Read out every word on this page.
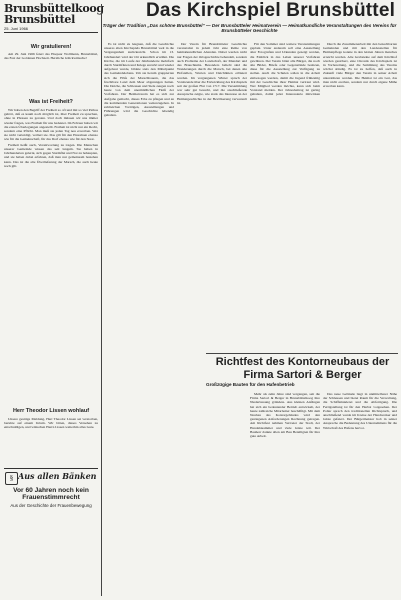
Brunsbüttelkoog
Brunsbüttel
25. Juni 1966
Wir gratulieren!

Am 29. Juni 1966 feiert das Ehepaar Wollmann, Brunsbüttel, das Fest der Goldenen Hochzeit. Herzliche Glückwünsche!

Was ist Freiheit?

Wir haben den Begriff der Freiheit so oft und mit so viel Pathos gehört, daß es kaum noch möglich ist, über Freiheit zu sprechen, ohne in Phrasen zu geraten. Und doch müssen wir uns immer wieder fragen, was Freiheit für uns bedeutet. Im Februar haben wir die ersten Überlegungen angestellt. Freiheit ist nicht nur ein Recht, sondern eine Pflicht. Man muß sie jeden Tag neu erwerben. Wer sie nicht verteidigt, verliert sie. Das gilt für den Einzelnen ebenso wie für die Gemeinschaft, für das Dorf ebenso wie für den Staat.

Freiheit heißt auch, Verantwortung zu tragen. Die Menschen unserer Gemeinde wissen das seit langem. Sie haben in Jahrhunderten gelernt, sich gegen Sturmflut und Not zu behaupten, und sie haben dabei erfahren, daß man nur gemeinsam bestehen kann. Das ist die alte Überlieferung der Marsch, die auch heute noch gilt.

Herr Theodor Lissen wohlauf

Unsere gestrige Meldung, Herr Theodor Lissen sei verstorben, beruhte auf einem Irrtum. Wir bitten, dieses Versehen zu entschuldigen, und wünschen Herrn Lissen weiterhin alles Gute.

§ Aus allen Bänken
Vor 60 Jahren noch kein Frauenstimmrecht
Aus der Geschichte der Frauenbewegung
Das Kirchspiel Brunsbüttel
Träger der Tradition „Das schöne Brunsbüttel“ — Der Brunsbütteler Heimatverein — Heimatkundliche Veranstaltungen des Vereins für Brunsbütteler Geschichte

Es ist nicht zu leugnen, daß die Geschichte unseres alten Kirchspiels Brunsbüttel weit in die Vergangenheit zurückreicht. Schon im 13. Jahrhundert wird der Ort urkundlich erwähnt. Die Kirche, die im Laufe der Jahrhunderte mehrfach durch Sturmfluten und Kriege zerstört und wieder aufgebaut wurde, bildete stets den Mittelpunkt des Gemeindelebens. Um sie herum gruppierten sich die Höfe der Marschbauern, die das fruchtbare Land dem Meer abgerungen hatten. Die Deiche, die Schleusen und Siele zeugen noch heute von dem unermüdlichen Fleiß der Vorfahren. Der Heimatverein hat es sich zur Aufgabe gemacht, dieses Erbe zu pflegen und an die kommenden Generationen weiterzugeben. In zahlreichen Vorträgen, Ausstellungen und Führungen wird die Geschichte lebendig gehalten.

Der Verein für Brunsbütteler Geschichte veranstaltet in jedem Jahr eine Reihe von heimatkundlichen Abenden. Dabei werden nicht nur Fragen der Ortsgeschichte behandelt, sondern auch Probleme der Landschaft, der Mundart und des Brauchtums. Besonders beliebt sind die Wanderungen durch die Marsch, bei denen alte Hofstellen, Wurten und Deichlinien erläutert werden. Im vergangenen Winter sprach der Vorsitzende über die Entwicklung des Kirchspiels seit der großen Flut von 1717. Die Versammlung war sehr gut besucht, und die anschließende Aussprache zeigte, wie stark das Interesse an der Heimatgeschichte in der Bevölkerung verwurzelt ist.

Für den Sommer sind weitere Veranstaltungen geplant. Unter anderem soll eine Ausstellung alter Fotografien und Urkunden gezeigt werden, die Einblick in das Leben unserer Vorfahren gewähren. Der Verein bittet alle Bürger, die noch alte Bilder, Briefe oder Gegenstände besitzen, diese für die Ausstellung zur Verfügung zu stellen. Auch die Schulen sollen in die Arbeit einbezogen werden, damit die Jugend frühzeitig mit der Geschichte ihrer Heimat vertraut wird. Wer Mitglied werden möchte, kann sich beim Vorstand melden. Der Jahresbeitrag ist gering gehalten, damit jeder Interessierte mitwirken kann.

Durch die Zusammenarbeit mit den benachbarten Gemeinden und mit den Landesstellen für Heimatpflege konnte in den letzten Jahren manches erreicht werden. Alte Grabsteine auf dem Kirchhof wurden gesichert, eine Chronik des Kirchspiels ist in Vorbereitung, und die Sammlung des Vereins wächst ständig. Es ist zu hoffen, daß auch in Zukunft viele Bürger den Verein in seiner Arbeit unterstützen werden. Die Heimat ist ein Gut, das man nicht ererben, sondern nur durch eigene Mühe erwerben kann.

Richtfest des Kontorneubaus der Firma Sartori & Berger
Großzügige Bauten für den Hafenbetrieb

Mehr als zehn Jahre sind vergangen, seit die Firma Sartori & Berger in Brunsbüttelkoog ihre Niederlassung gründete. Aus kleinen Anfängen hat sich ein bedeutender Betrieb entwickelt, der heute zahlreiche Mitarbeiter beschäftigt. Mit dem Neubau des Kontorgebäudes wird den gestiegenen Anforderungen Rechnung getragen. Am Richtfest nahmen Vertreter der Stadt, der Handelskammer und viele Gäste teil. Der Bauherr dankte allen am Bau Beteiligten für ihre gute Arbeit.

Das neue Gebäude liegt in unmittelbarer Nähe der Schleusen und bietet Raum für die Verwaltung, die Schiffsmaklerei und die Abfertigung. Die Fertigstellung ist für den Herbst vorgesehen. Der Polier sprach den traditionellen Richtspruch, und anschließend wurde im Kreise der Handwerker und Gäste gefeiert. Der Bürgermeister hob in seiner Ansprache die Bedeutung des Unternehmens für die Wirtschaft des Hafens hervor.
